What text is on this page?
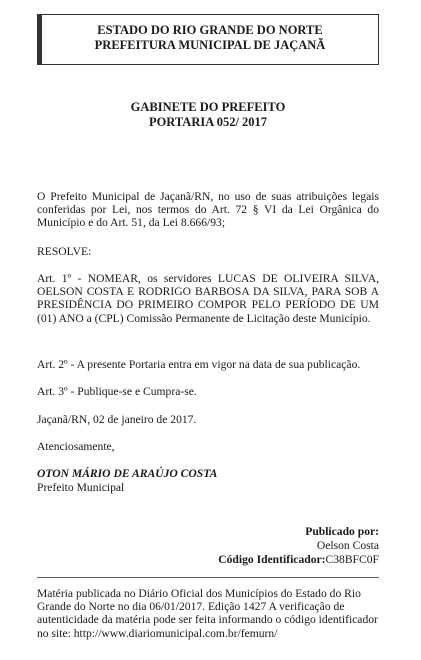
ESTADO DO RIO GRANDE DO NORTE
PREFEITURA MUNICIPAL DE JAÇANÃ
GABINETE DO PREFEITO
PORTARIA 052/ 2017
O Prefeito Municipal de Jaçanã/RN, no uso de suas atribuições legais conferidas por Lei, nos termos do Art. 72 § VI da Lei Orgânica do Município e do Art. 51, da Lei 8.666/93;
RESOLVE:
Art. 1º - NOMEAR, os servidores LUCAS DE OLIVEIRA SILVA, OELSON COSTA E RODRIGO BARBOSA DA SILVA, PARA SOB A PRESIDÊNCIA DO PRIMEIRO COMPOR PELO PERÍODO DE UM (01) ANO a (CPL) Comissão Permanente de Licitação deste Município.
Art. 2º - A presente Portaria entra em vigor na data de sua publicação.
Art. 3º - Publique-se e Cumpra-se.
Jaçanã/RN, 02 de janeiro de 2017.
Atenciosamente,
OTON MÁRIO DE ARAÚJO COSTA
Prefeito Municipal
Publicado por:
Oelson Costa
Código Identificador:C38BFC0F
Matéria publicada no Diário Oficial dos Municípios do Estado do Rio Grande do Norte no dia 06/01/2017. Edição 1427 A verificação de autenticidade da matéria pode ser feita informando o código identificador no site: http://www.diariomunicipal.com.br/femurn/
